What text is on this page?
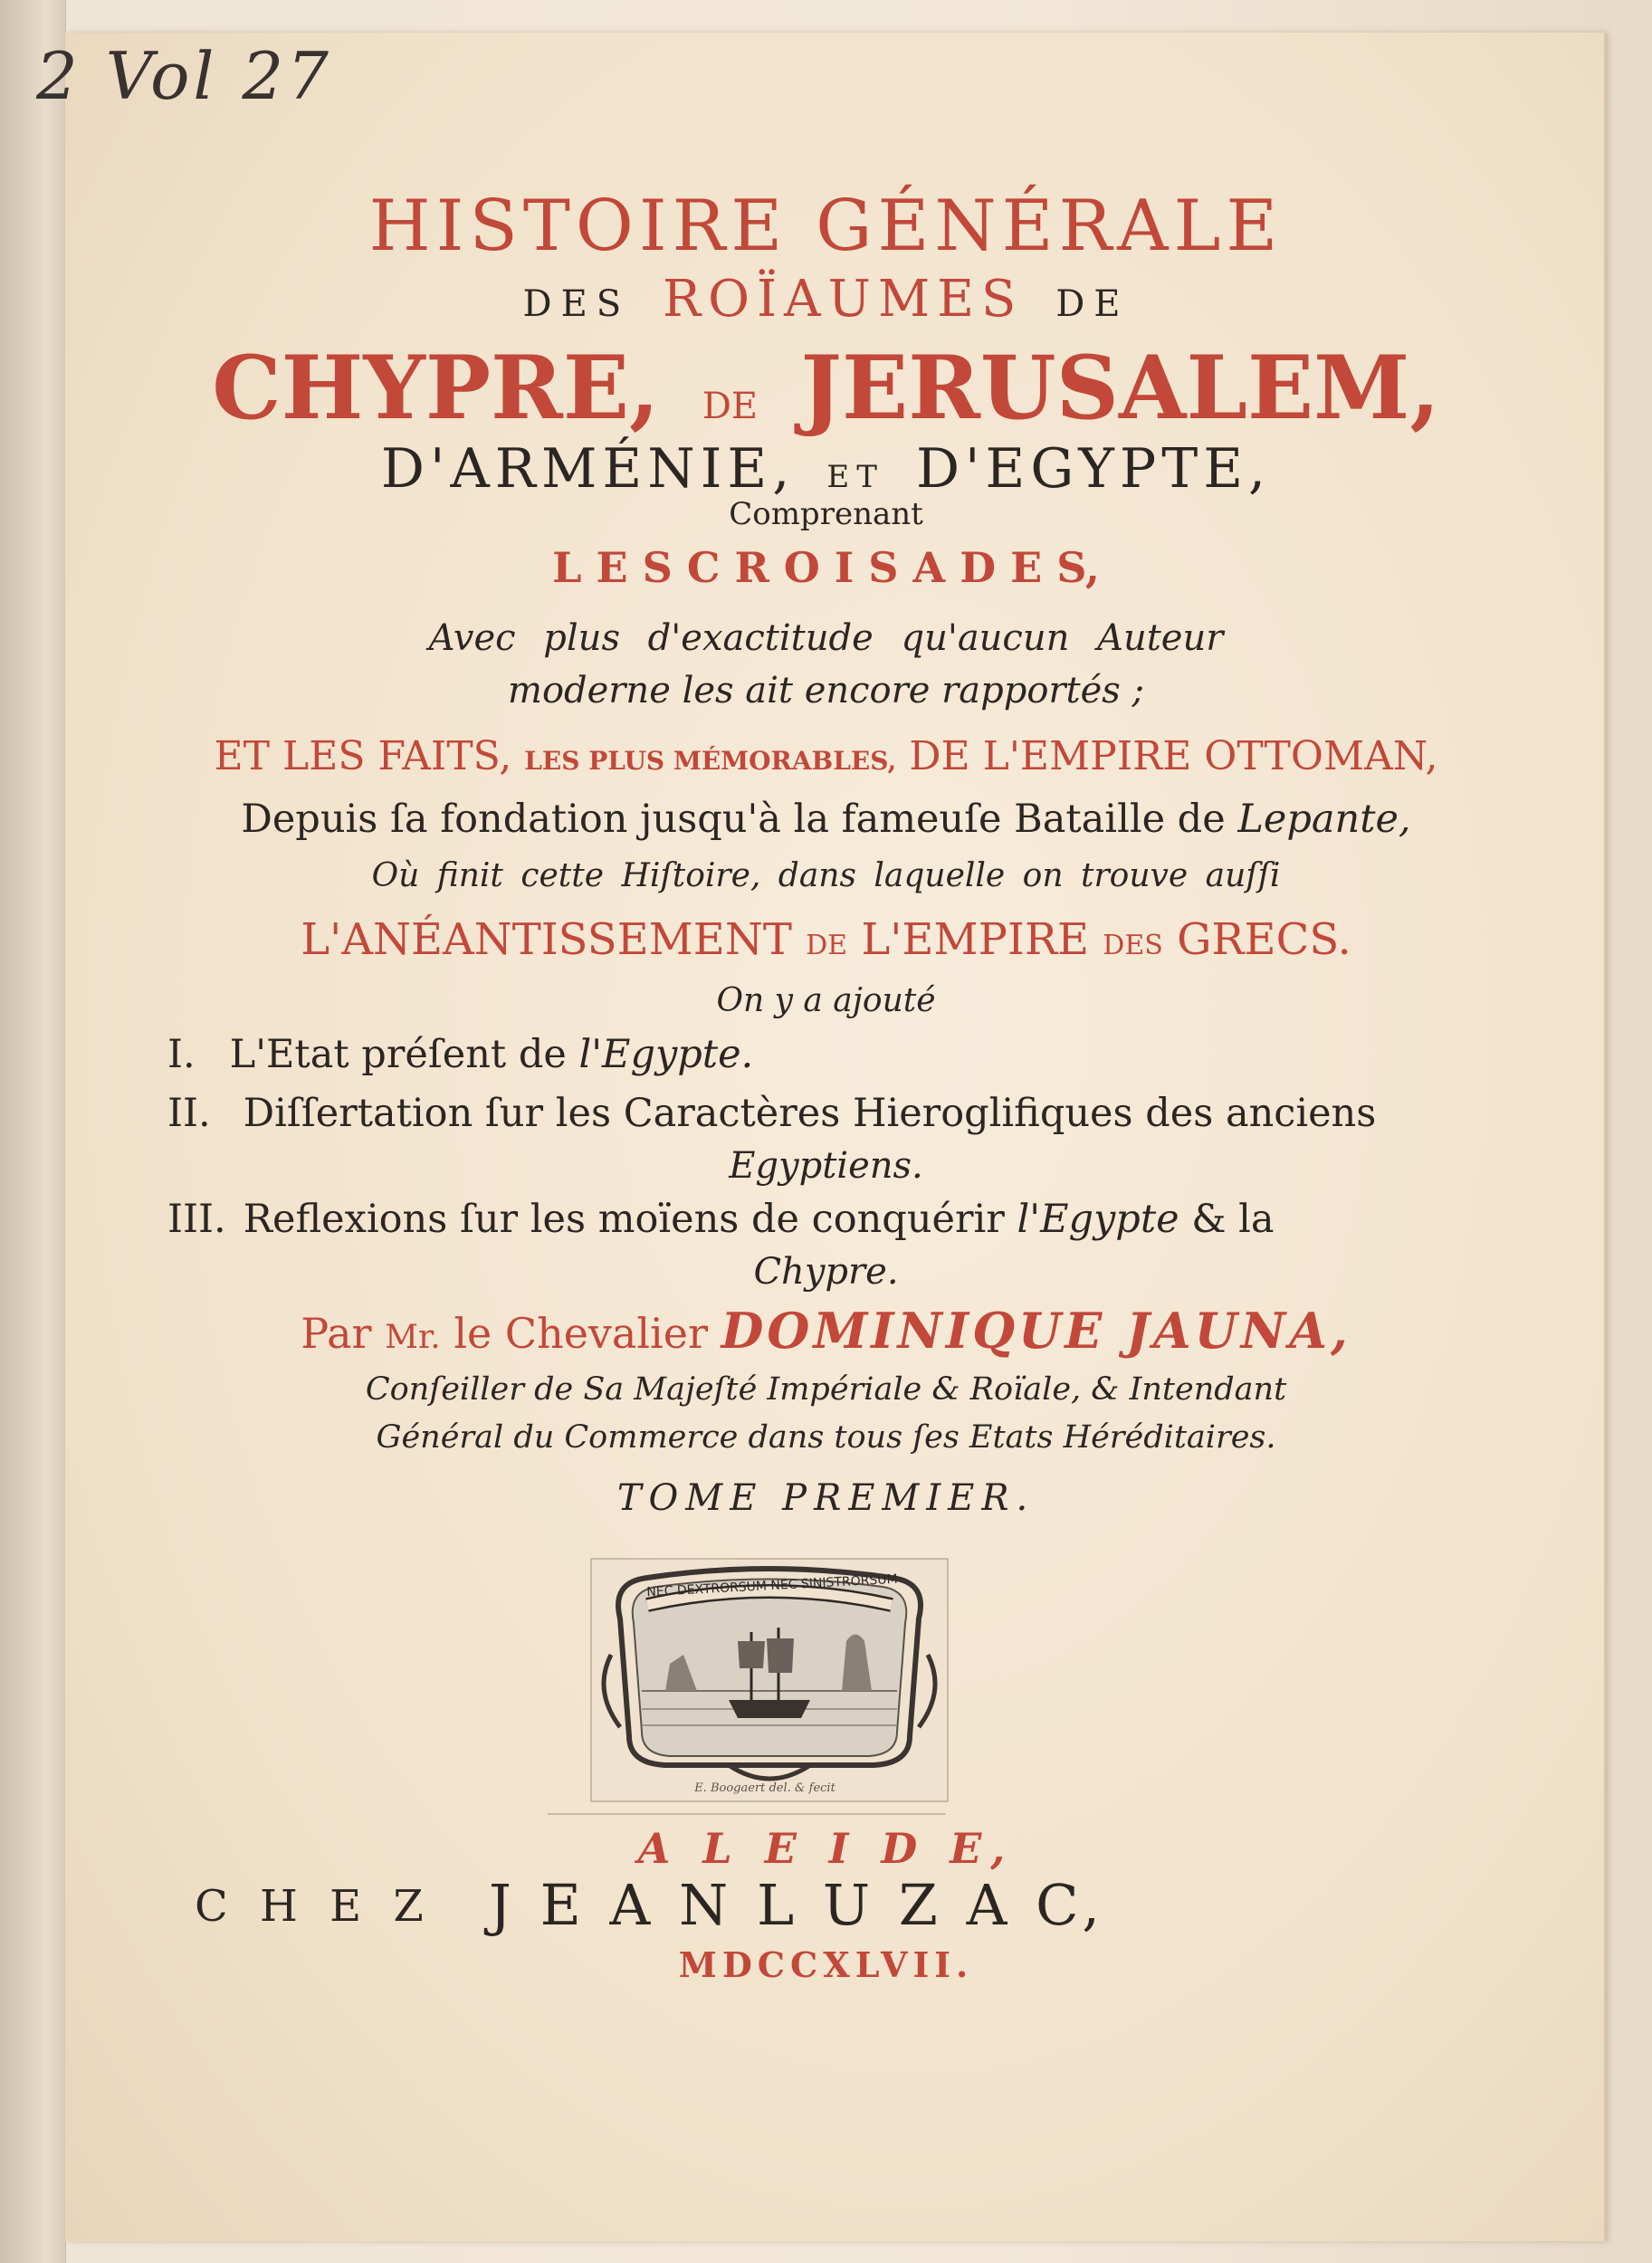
2 Vol 27
HISTOIRE GÉNÉRALE
DES ROÏAUMES DE
CHYPRE, DE JERUSALEM,
D'ARMÉNIE, ET D'EGYPTE,
Comprenant
L E S C R O I S A D E S,
Avec plus d'exactitude qu'aucun Auteur
moderne les ait encore rapportés ;
ET LES FAITS, LES PLUS MÉMORABLES, DE L'EMPIRE OTTOMAN,
Depuis ſa fondation jusqu'à la fameuſe Bataille de Lepante,
Où finit cette Hiſtoire, dans laquelle on trouve auſſi
L'ANÉANTISSEMENT DE L'EMPIRE DES GRECS.
On y a ajouté
I. L'Etat préſent de l'Egypte.
II. Diſſertation ſur les Caractères Hieroglifiques des anciens
Egyptiens.
III. Reflexions ſur les moïens de conquérir l'Egypte & la
Chypre.
Par Mr. le Chevalier DOMINIQUE JAUNA,
Conſeiller de Sa Majeſté Impériale & Roïale, & Intendant
Général du Commerce dans tous ſes Etats Héréditaires.
TOME PREMIER.
NEC DEXTRORSUM NEC SINISTRORSUM
E. Boogaert del. & fecit
A L E I D E,
C H E Z J E A N L U Z A C,
MDCCXLVII.
